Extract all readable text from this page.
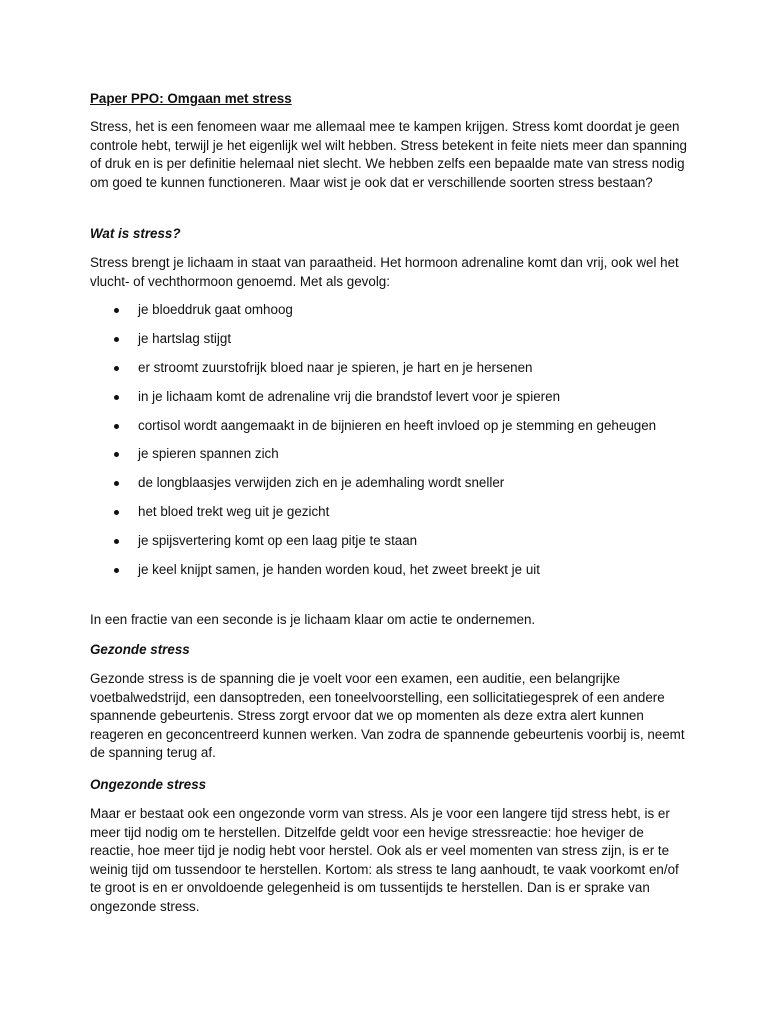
Paper PPO: Omgaan met stress

Stress, het is een fenomeen waar me allemaal mee te kampen krijgen. Stress komt doordat je geen controle hebt, terwijl je het eigenlijk wel wilt hebben. Stress betekent in feite niets meer dan spanning of druk en is per definitie helemaal niet slecht. We hebben zelfs een bepaalde mate van stress nodig om goed te kunnen functioneren. Maar wist je ook dat er verschillende soorten stress bestaan?

Wat is stress?

Stress brengt je lichaam in staat van paraatheid. Het hormoon adrenaline komt dan vrij, ook wel het vlucht- of vechthormoon genoemd. Met als gevolg:

je bloeddruk gaat omhoog
je hartslag stijgt
er stroomt zuurstofrijk bloed naar je spieren, je hart en je hersenen
in je lichaam komt de adrenaline vrij die brandstof levert voor je spieren
cortisol wordt aangemaakt in de bijnieren en heeft invloed op je stemming en geheugen
je spieren spannen zich
de longblaasjes verwijden zich en je ademhaling wordt sneller
het bloed trekt weg uit je gezicht
je spijsvertering komt op een laag pitje te staan
je keel knijpt samen, je handen worden koud, het zweet breekt je uit

In een fractie van een seconde is je lichaam klaar om actie te ondernemen.

Gezonde stress

Gezonde stress is de spanning die je voelt voor een examen, een auditie, een belangrijke voetbalwedstrijd, een dansoptreden, een toneelvoorstelling, een sollicitatiegesprek of een andere spannende gebeurtenis. Stress zorgt ervoor dat we op momenten als deze extra alert kunnen reageren en geconcentreerd kunnen werken. Van zodra de spannende gebeurtenis voorbij is, neemt de spanning terug af.

Ongezonde stress

Maar er bestaat ook een ongezonde vorm van stress. Als je voor een langere tijd stress hebt, is er meer tijd nodig om te herstellen. Ditzelfde geldt voor een hevige stressreactie: hoe heviger de reactie, hoe meer tijd je nodig hebt voor herstel. Ook als er veel momenten van stress zijn, is er te weinig tijd om tussendoor te herstellen. Kortom: als stress te lang aanhoudt, te vaak voorkomt en/of te groot is en er onvoldoende gelegenheid is om tussentijds te herstellen. Dan is er sprake van ongezonde stress.
